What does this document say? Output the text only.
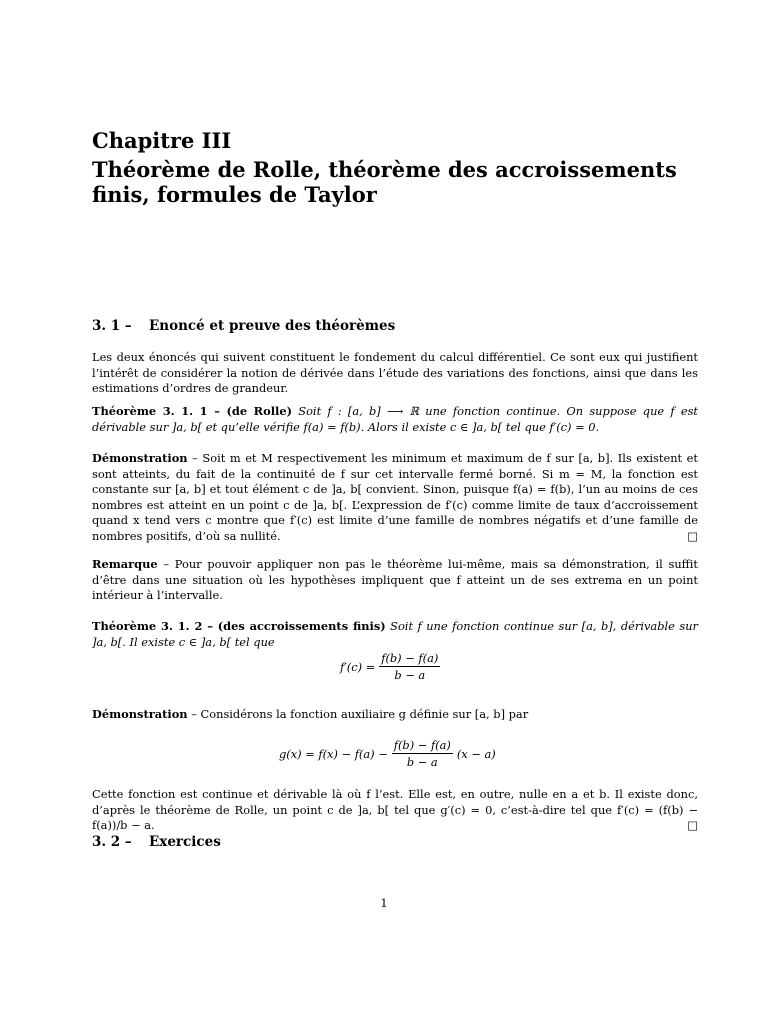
Chapitre III
Théorème de Rolle, théorème des accroissements finis, formules de Taylor
3. 1 – Enoncé et preuve des théorèmes

Les deux énoncés qui suivent constituent le fondement du calcul différentiel. Ce sont eux qui justifient l’intérêt de considérer la notion de dérivée dans l’étude des variations des fonctions, ainsi que dans les estimations d’ordres de grandeur.

Théorème 3. 1. 1 – (de Rolle) Soit f : [a, b] ⟶ ℝ une fonction continue. On suppose que f est dérivable sur ]a, b[ et qu’elle vérifie f(a) = f(b). Alors il existe c ∈ ]a, b[ tel que f′(c) = 0.

Démonstration – Soit m et M respectivement les minimum et maximum de f sur [a, b]. Ils existent et sont atteints, du fait de la continuité de f sur cet intervalle fermé borné. Si m = M, la fonction est constante sur [a, b] et tout élément c de ]a, b[ convient. Sinon, puisque f(a) = f(b), l’un au moins de ces nombres est atteint en un point c de ]a, b[. L’expression de f′(c) comme limite de taux d’accroissement quand x tend vers c montre que f′(c) est limite d’une famille de nombres négatifs et d’une famille de nombres positifs, d’où sa nullité.	□

Remarque – Pour pouvoir appliquer non pas le théorème lui-même, mais sa démonstration, il suffit d’être dans une situation où les hypothèses impliquent que f atteint un de ses extrema en un point intérieur à l’intervalle.

Théorème 3. 1. 2 – (des accroissements finis) Soit f une fonction continue sur [a, b], dérivable sur ]a, b[. Il existe c ∈ ]a, b[ tel que

$f'(c) = \frac{f(b) - f(a)}{b - a}$

Démonstration – Considérons la fonction auxiliaire g définie sur [a, b] par

$g(x) = f(x) - f(a) - \frac{f(b) - f(a)}{b - a} (x - a)$

Cette fonction est continue et dérivable là où f l’est. Elle est, en outre, nulle en a et b. Il existe donc, d’après le théorème de Rolle, un point c de ]a, b[ tel que g′(c) = 0, c’est-à-dire tel que f′(c) = (f(b) − f(a))/b − a.	□

3. 2 – Exercices
1
